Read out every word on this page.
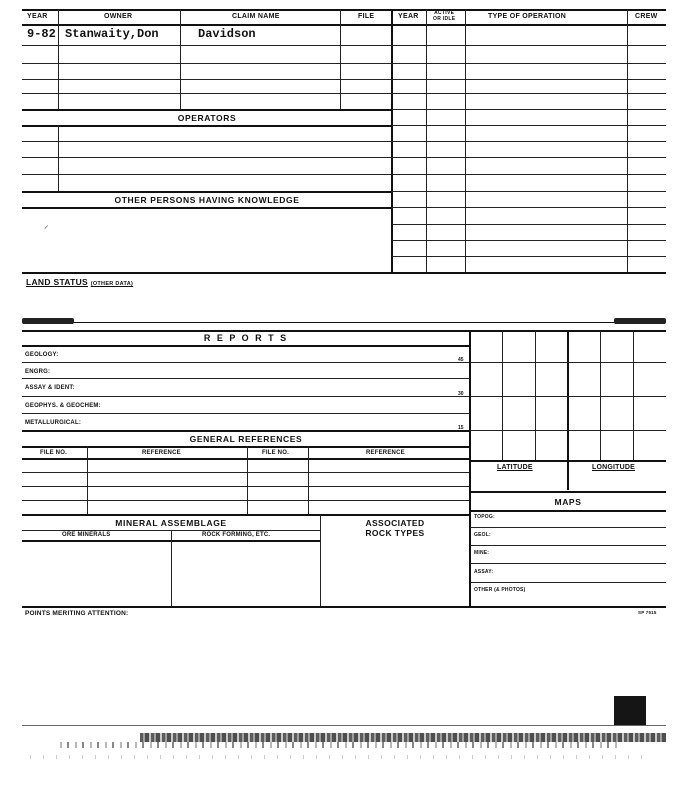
YEAR	OWNER	CLAIM NAME	FILE	YEAR	ACTIVE
OR IDLE	TYPE OF OPERATION	CREW
9-82 Stanwaity,Don	Davidson
OPERATORS
OTHER PERSONS HAVING KNOWLEDGE
⸝
LAND STATUS (OTHER DATA)
R E P O R T S
GEOLOGY:
45
ENGRG:
ASSAY & IDENT:
30
GEOPHYS. & GEOCHEM:
METALLURGICAL:
15
GENERAL REFERENCES
FILE NO.	REFERENCE	FILE NO.	REFERENCE
MINERAL ASSEMBLAGE
ORE MINERALS	ROCK FORMING, ETC.
ASSOCIATED
ROCK TYPES
LATITUDE	LONGITUDE
MAPS
TOPOG:
GEOL:
MINE:
ASSAY:
OTHER (& PHOTOS)
POINTS MERITING ATTENTION:	SP 7515
